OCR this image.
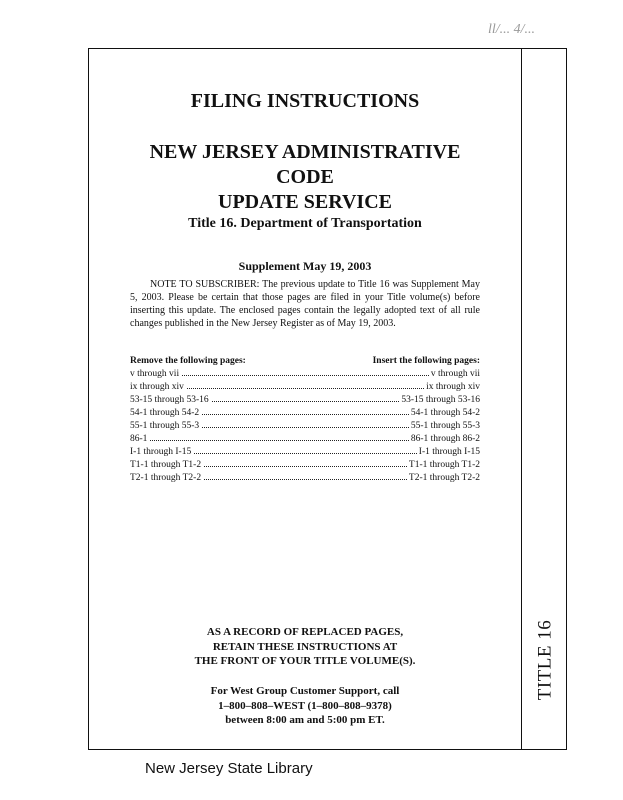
ll/... 4/...
TITLE 16
FILING INSTRUCTIONS
NEW JERSEY ADMINISTRATIVE CODE
UPDATE SERVICE
Title 16. Department of Transportation
Supplement May 19, 2003
NOTE TO SUBSCRIBER: The previous update to Title 16 was Supplement May 5, 2003. Please be certain that those pages are filed in your Title volume(s) before inserting this update. The enclosed pages contain the legally adopted text of all rule changes published in the New Jersey Register as of May 19, 2003.
Remove the following pages:	Insert the following pages:
v through vii	v through vii
ix through xiv	ix through xiv
53-15 through 53-16	53-15 through 53-16
54-1 through 54-2	54-1 through 54-2
55-1 through 55-3	55-1 through 55-3
86-1	86-1 through 86-2
I-1 through I-15	I-1 through I-15
T1-1 through T1-2	T1-1 through T1-2
T2-1 through T2-2	T2-1 through T2-2
AS A RECORD OF REPLACED PAGES,
RETAIN THESE INSTRUCTIONS AT
THE FRONT OF YOUR TITLE VOLUME(S).
For West Group Customer Support, call
1–800–808–WEST (1–800–808–9378)
between 8:00 am and 5:00 pm ET.
New Jersey State Library
